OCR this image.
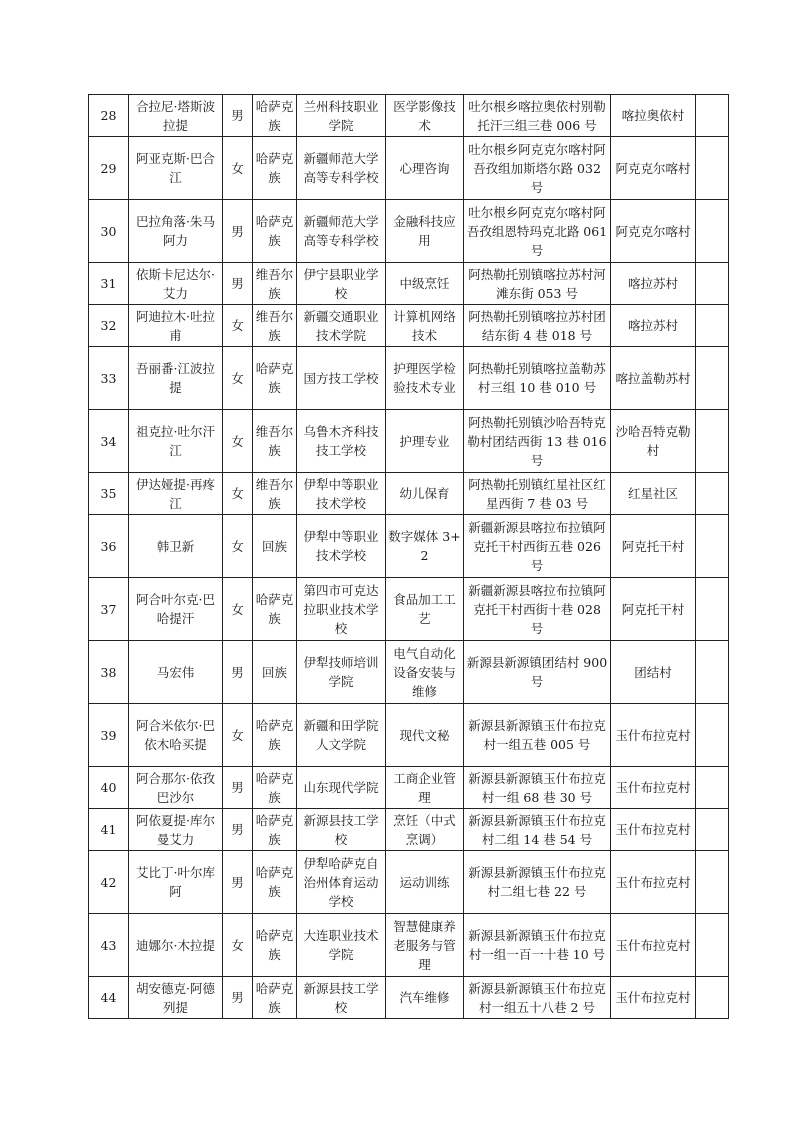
28	合拉尼·塔斯波拉提	男	哈萨克族	兰州科技职业学院	医学影像技术	吐尔根乡喀拉奥依村别勒托汗三组三巷 006 号	喀拉奥依村	
29	阿亚克斯·巴合江	女	哈萨克族	新疆师范大学高等专科学校	心理咨询	吐尔根乡阿克克尔喀村阿吾孜组加斯塔尔路 032 号	阿克克尔喀村	
30	巴拉角落·朱马阿力	男	哈萨克族	新疆师范大学高等专科学校	金融科技应用	吐尔根乡阿克克尔喀村阿吾孜组恩特玛克北路 061 号	阿克克尔喀村	
31	依斯卡尼达尔·艾力	男	维吾尔族	伊宁县职业学校	中级烹饪	阿热勒托别镇喀拉苏村河滩东街 053 号	喀拉苏村	
32	阿迪拉木·吐拉甫	女	维吾尔族	新疆交通职业技术学院	计算机网络技术	阿热勒托别镇喀拉苏村团结东街 4 巷 018 号	喀拉苏村	
33	吾丽番·江波拉提	女	哈萨克族	国方技工学校	护理医学检验技术专业	阿热勒托别镇喀拉盖勒苏村三组 10 巷 010 号	喀拉盖勒苏村	
34	祖克拉·吐尔汗江	女	维吾尔族	乌鲁木齐科技技工学校	护理专业	阿热勒托别镇沙哈吾特克勒村团结西街 13 巷 016 号	沙哈吾特克勒村	
35	伊达娅提·再疼江	女	维吾尔族	伊犁中等职业技术学校	幼儿保育	阿热勒托别镇红星社区红星西街 7 巷 03 号	红星社区	
36	韩卫新	女	回族	伊犁中等职业技术学校	数字媒体 3+2	新疆新源县喀拉布拉镇阿克托干村西街五巷 026 号	阿克托干村	
37	阿合叶尔克·巴哈提汗	女	哈萨克族	第四市可克达拉职业技术学校	食品加工工艺	新疆新源县喀拉布拉镇阿克托干村西街十巷 028 号	阿克托干村	
38	马宏伟	男	回族	伊犁技师培训学院	电气自动化设备安装与维修	新源县新源镇团结村 900 号	团结村	
39	阿合米依尔·巴依木哈买提	女	哈萨克族	新疆和田学院人文学院	现代文秘	新源县新源镇玉什布拉克村一组五巷 005 号	玉什布拉克村	
40	阿合那尔·依孜巴沙尔	男	哈萨克族	山东现代学院	工商企业管理	新源县新源镇玉什布拉克村一组 68 巷 30 号	玉什布拉克村	
41	阿依夏提·库尔曼艾力	男	哈萨克族	新源县技工学校	烹饪（中式烹调）	新源县新源镇玉什布拉克村二组 14 巷 54 号	玉什布拉克村	
42	艾比丁·叶尔库阿	男	哈萨克族	伊犁哈萨克自治州体育运动学校	运动训练	新源县新源镇玉什布拉克村二组七巷 22 号	玉什布拉克村	
43	迪娜尔·木拉提	女	哈萨克族	大连职业技术学院	智慧健康养老服务与管理	新源县新源镇玉什布拉克村一组一百一十巷 10 号	玉什布拉克村	
44	胡安德克·阿德列提	男	哈萨克族	新源县技工学校	汽车维修	新源县新源镇玉什布拉克村一组五十八巷 2 号	玉什布拉克村	
